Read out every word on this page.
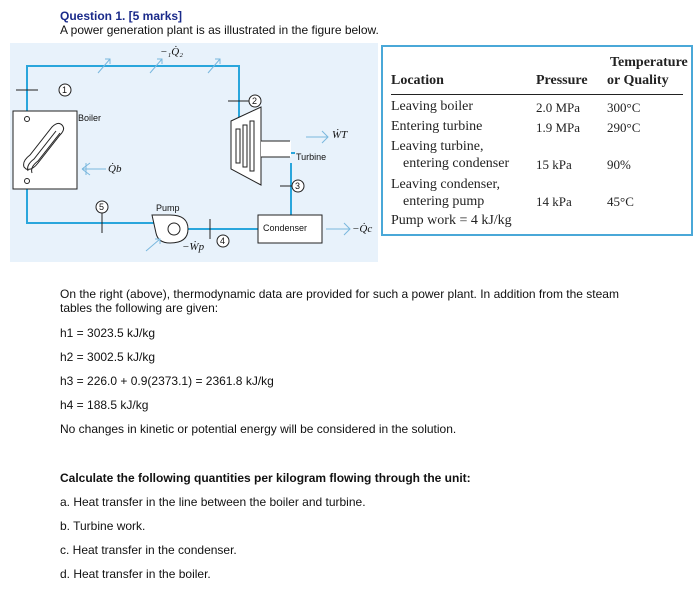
Question 1. [5 marks]
A power generation plant is as illustrated in the figure below.
1
2
3
4
5
Boiler
Turbine
Pump
Condenser
−₁Q̇₂
Q̇b
ẆT
−Ẇp
−Q̇c
Location	Pressure
Temperature
or Quality
Leaving boiler	2.0 MPa 300°C
Entering turbine	1.9 MPa 290°C
Leaving turbine,
entering condenser 15 kPa	90%
Leaving condenser,
entering pump	14 kPa	45°C
Pump work = 4 kJ/kg
On the right (above), thermodynamic data are provided for such a power plant. In addition from the steam tables the following are given:
h1 = 3023.5 kJ/kg
h2 = 3002.5 kJ/kg
h3 = 226.0 + 0.9(2373.1) = 2361.8 kJ/kg
h4 = 188.5 kJ/kg
No changes in kinetic or potential energy will be considered in the solution.
Calculate the following quantities per kilogram flowing through the unit:
a. Heat transfer in the line between the boiler and turbine.
b. Turbine work.
c. Heat transfer in the condenser.
d. Heat transfer in the boiler.
